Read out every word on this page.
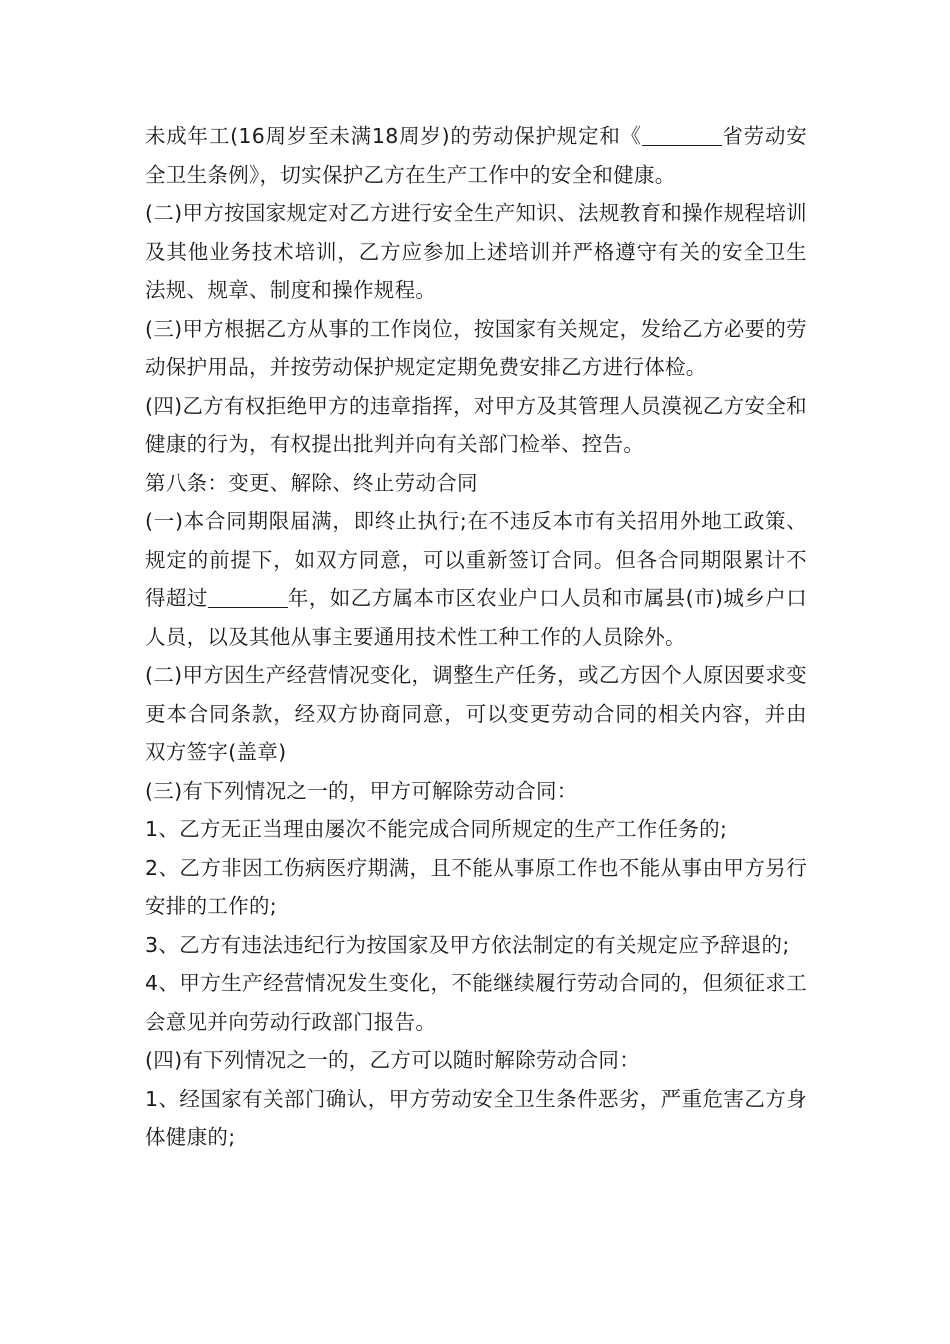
未成年工(16周岁至未满18周岁)的劳动保护规定和《	省劳动安全卫生条例》，切实保护乙方在生产工作中的安全和健康。

(二)甲方按国家规定对乙方进行安全生产知识、法规教育和操作规程培训及其他业务技术培训，乙方应参加上述培训并严格遵守有关的安全卫生法规、规章、制度和操作规程。

(三)甲方根据乙方从事的工作岗位，按国家有关规定，发给乙方必要的劳动保护用品，并按劳动保护规定定期免费安排乙方进行体检。

(四)乙方有权拒绝甲方的违章指挥，对甲方及其管理人员漠视乙方安全和健康的行为，有权提出批判并向有关部门检举、控告。

第八条：变更、解除、终止劳动合同

(一)本合同期限届满，即终止执行;在不违反本市有关招用外地工政策、规定的前提下，如双方同意，可以重新签订合同。但各合同期限累计不得超过	年，如乙方属本市区农业户口人员和市属县(市)城乡户口人员，以及其他从事主要通用技术性工种工作的人员除外。

(二)甲方因生产经营情况变化，调整生产任务，或乙方因个人原因要求变更本合同条款，经双方协商同意，可以变更劳动合同的相关内容，并由双方签字(盖章)

(三)有下列情况之一的，甲方可解除劳动合同：

1、乙方无正当理由屡次不能完成合同所规定的生产工作任务的;

2、乙方非因工伤病医疗期满，且不能从事原工作也不能从事由甲方另行安排的工作的;

3、乙方有违法违纪行为按国家及甲方依法制定的有关规定应予辞退的;

4、甲方生产经营情况发生变化，不能继续履行劳动合同的，但须征求工会意见并向劳动行政部门报告。

(四)有下列情况之一的，乙方可以随时解除劳动合同：

1、经国家有关部门确认，甲方劳动安全卫生条件恶劣，严重危害乙方身体健康的;
